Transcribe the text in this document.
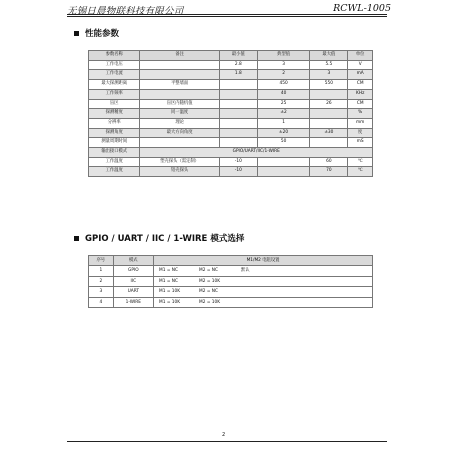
无锡日晨物联科技有限公司	RCWL-1005
性能参数
参数名称	备注	最小值	典型值	最大值	单位
工作电压		2.8	3	5.5	V
工作电流		1.8	2	3	mA
最大探测距离	平整墙面		450	550	CM
工作频率			40		KHz
盲区	盲区内随机值		25	26	CM
探测精度	同一温度		±2		%
分辨率	理论		1		mm
探测角度	最大方向角度		±20	±30	度
测量周期时间			50		mS
输出接口模式	GPIO/UART/IIC/1-WIRE				
工作温度	塑壳探头（需定制）	-10		60	℃
工作温度	铝壳探头	-10		70	℃
GPIO / UART / IIC / 1-WIRE 模式选择
序号	模式	M1/M2 电阻设置
1	GPIO	M1 = NC M2 = NC 默认
2	IIC	M1 = NC M2 = 10K
3	UART	M1 = 10K M2 = NC
4	1-WIRE	M1 = 10K M2 = 10K
2
